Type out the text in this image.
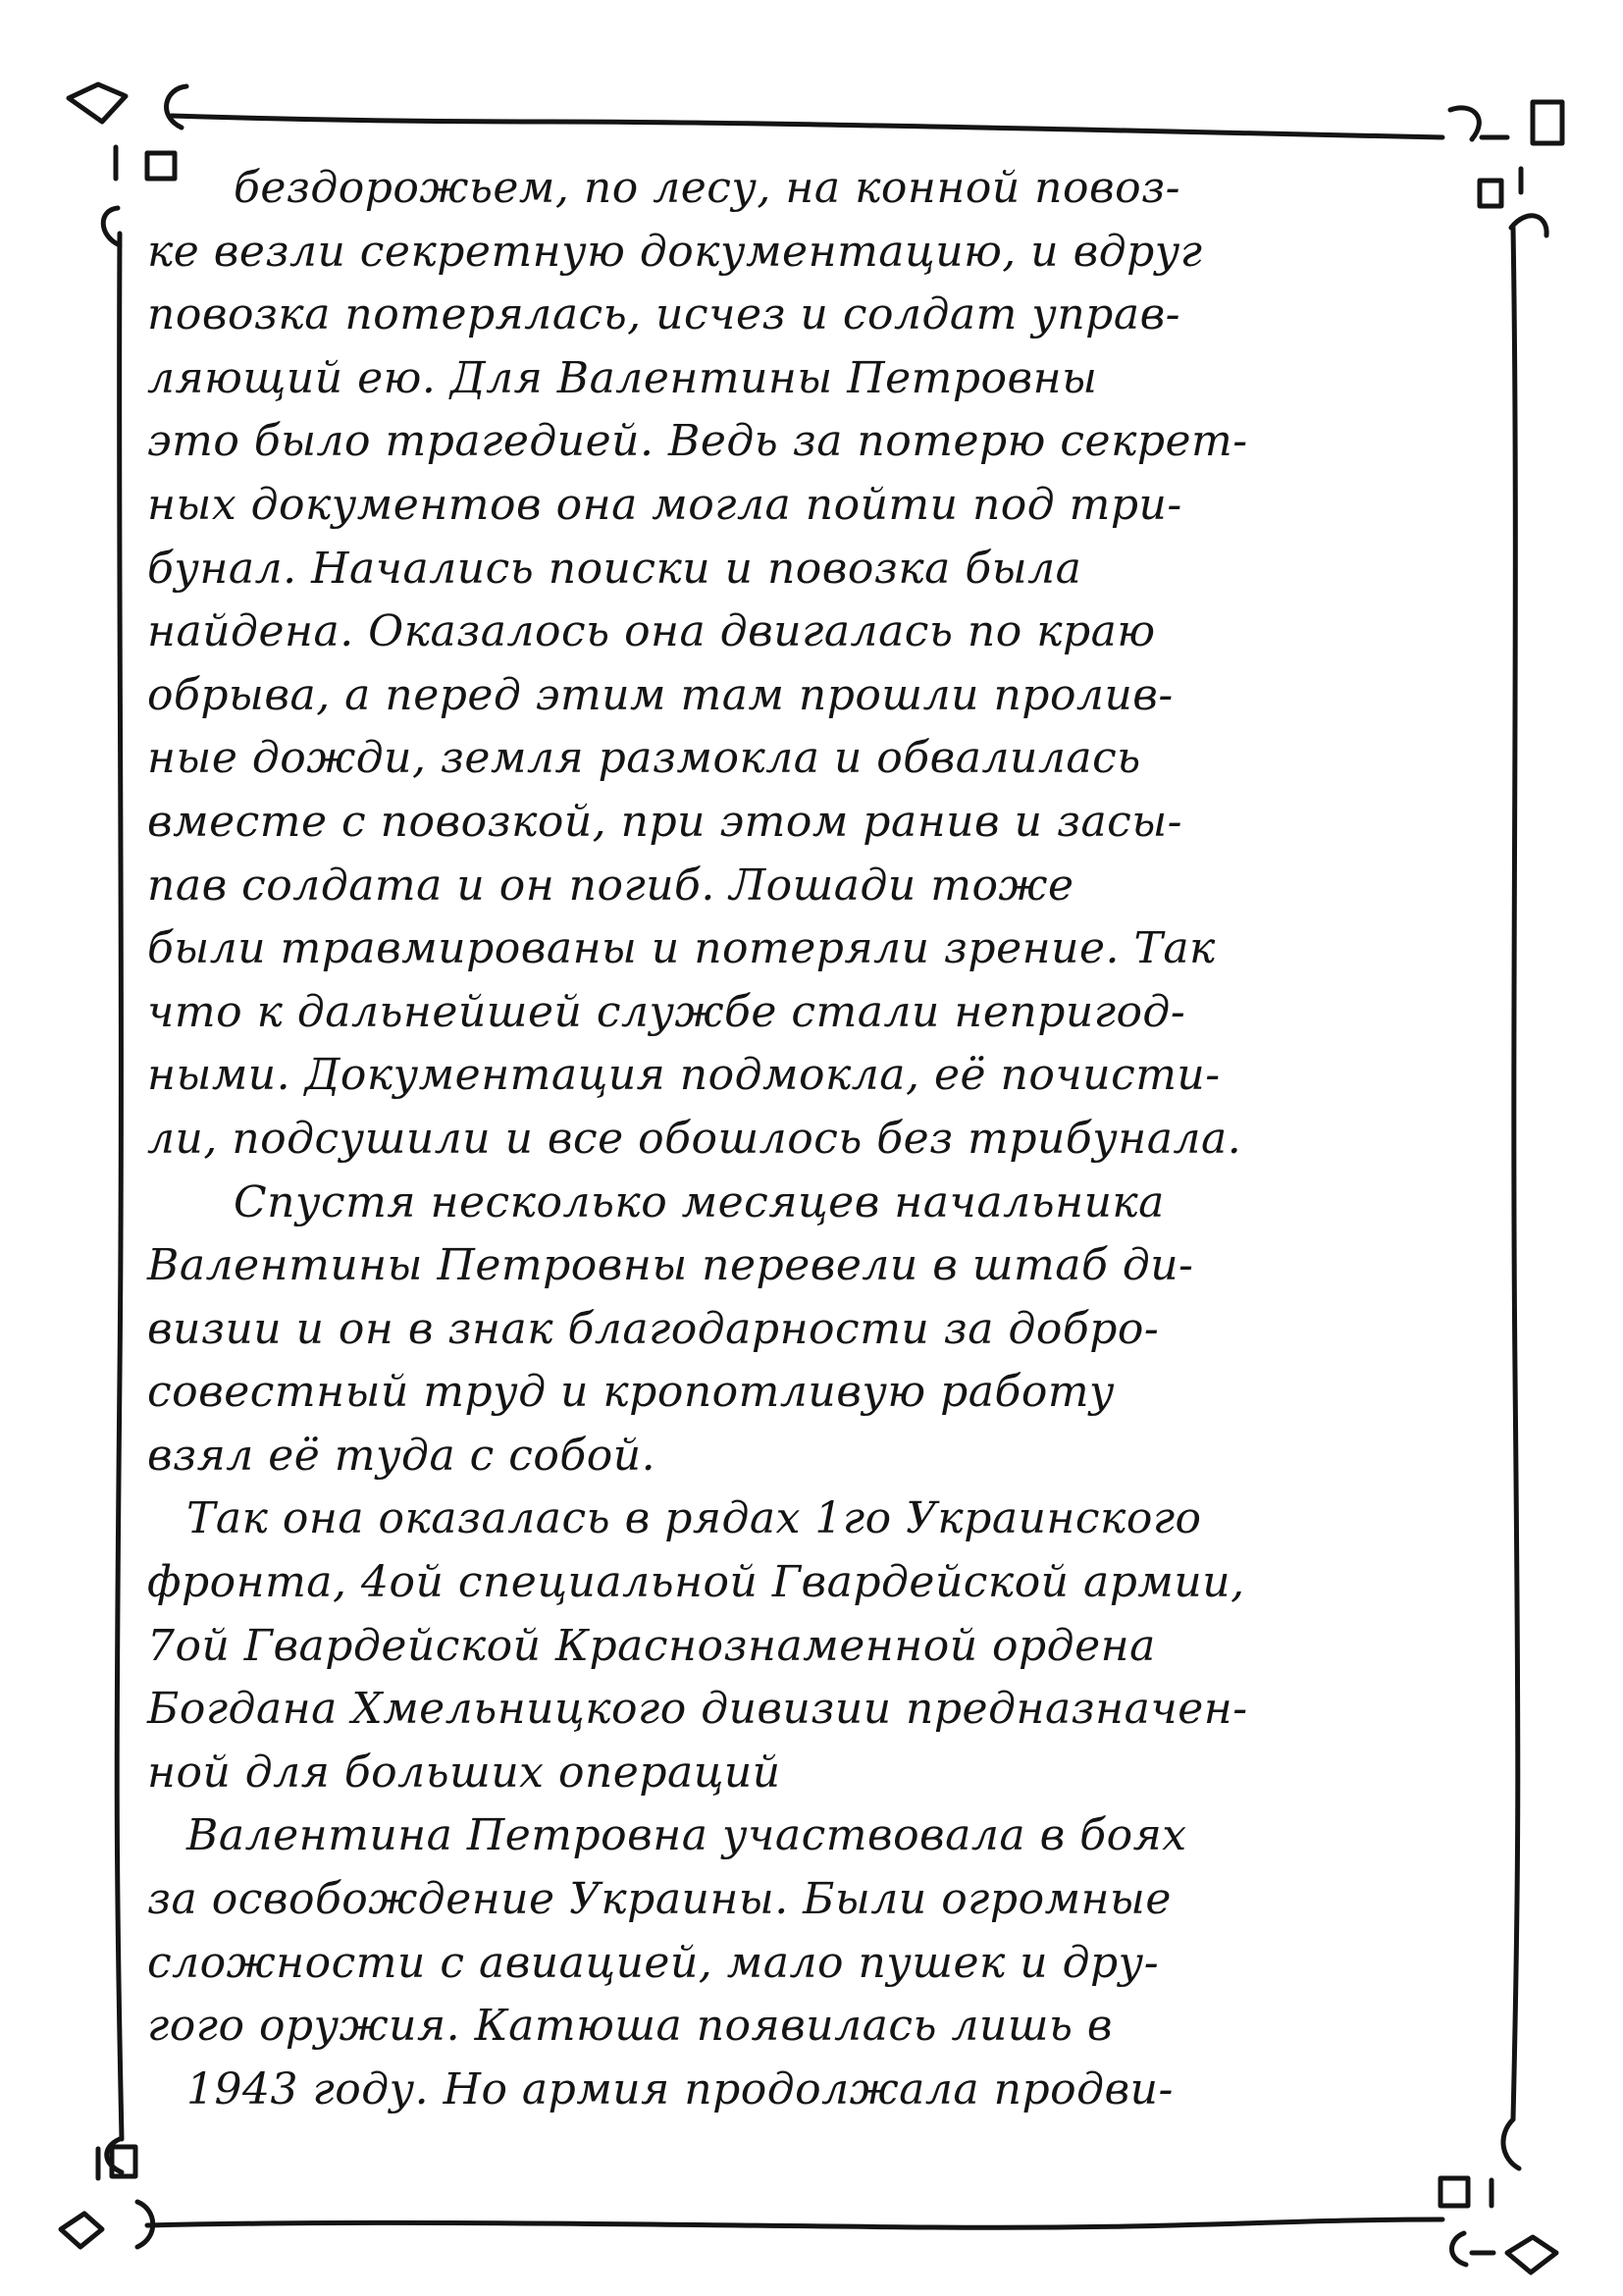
бездорожьем, по лесу, на конной повоз-
ке везли секретную документацию, и вдруг
повозка потерялась, исчез и солдат управ-
ляющий ею. Для Валентины Петровны
это было трагедией. Ведь за потерю секрет-
ных документов она могла пойти под три-
бунал. Начались поиски и повозка была
найдена. Оказалось она двигалась по краю
обрыва, а перед этим там прошли пролив-
ные дожди, земля размокла и обвалилась
вместе с повозкой, при этом ранив и засы-
пав солдата и он погиб. Лошади тоже
были травмированы и потеряли зрение. Так
что к дальнейшей службе стали непригод-
ными. Документация подмокла, её почисти-
ли, подсушили и все обошлось без трибунала.
Спустя несколько месяцев начальника
Валентины Петровны перевели в штаб ди-
визии и он в знак благодарности за добро-
совестный труд и кропотливую работу
взял её туда с собой.
Так она оказалась в рядах 1го Украинского
фронта, 4ой специальной Гвардейской армии,
7ой Гвардейской Краснознаменной ордена
Богдана Хмельницкого дивизии предназначен-
ной для больших операций
Валентина Петровна участвовала в боях
за освобождение Украины. Были огромные
сложности с авиацией, мало пушек и дру-
гого оружия. Катюша появилась лишь в
1943 году. Но армия продолжала продви-
